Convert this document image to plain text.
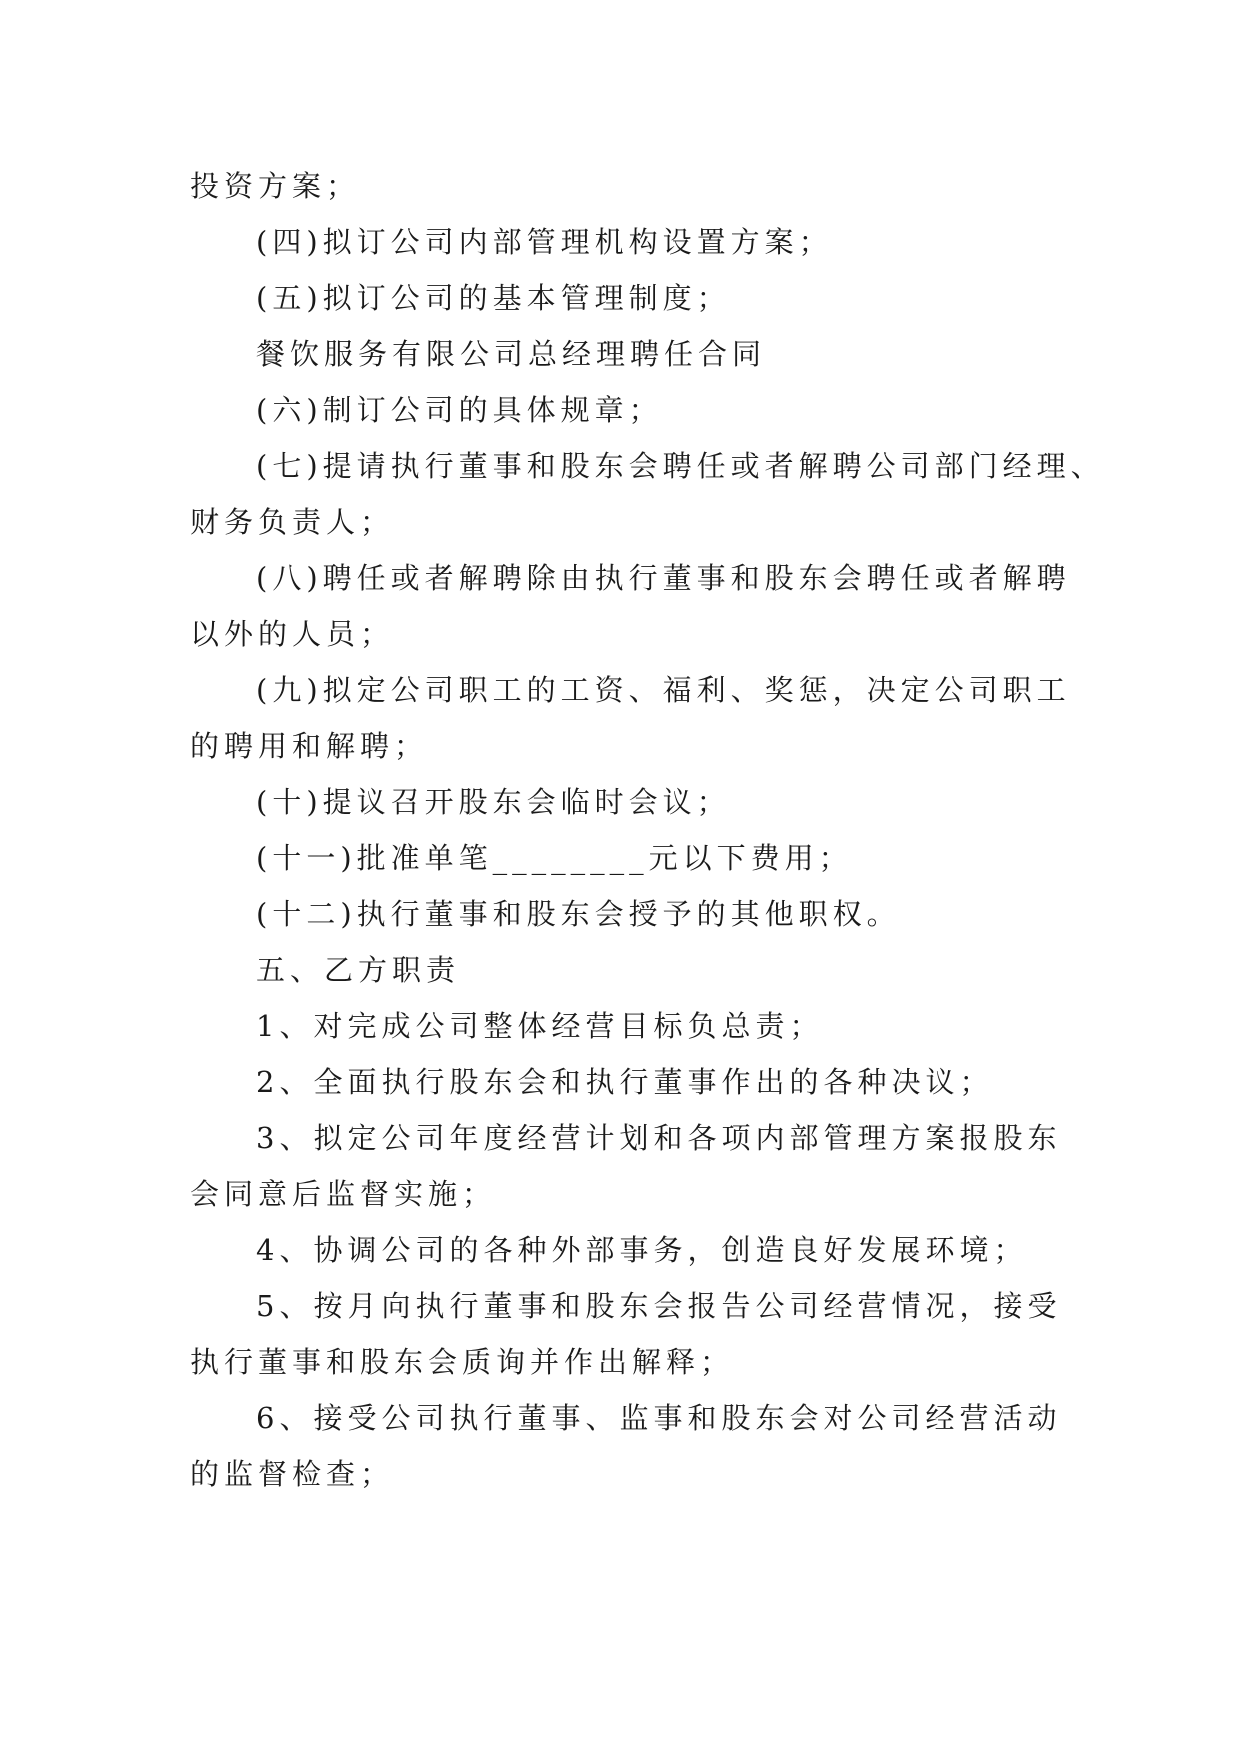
投资方案；
(四)拟订公司内部管理机构设置方案；
(五)拟订公司的基本管理制度；
餐饮服务有限公司总经理聘任合同
(六)制订公司的具体规章；
(七)提请执行董事和股东会聘任或者解聘公司部门经理、
财务负责人；
(八)聘任或者解聘除由执行董事和股东会聘任或者解聘
以外的人员；
(九)拟定公司职工的工资、福利、奖惩，决定公司职工
的聘用和解聘；
(十)提议召开股东会临时会议；
(十一)批准单笔________元以下费用；
(十二)执行董事和股东会授予的其他职权。
五、乙方职责
1、对完成公司整体经营目标负总责；
2、全面执行股东会和执行董事作出的各种决议；
3、拟定公司年度经营计划和各项内部管理方案报股东
会同意后监督实施；
4、协调公司的各种外部事务，创造良好发展环境；
5、按月向执行董事和股东会报告公司经营情况，接受
执行董事和股东会质询并作出解释；
6、接受公司执行董事、监事和股东会对公司经营活动
的监督检查；
